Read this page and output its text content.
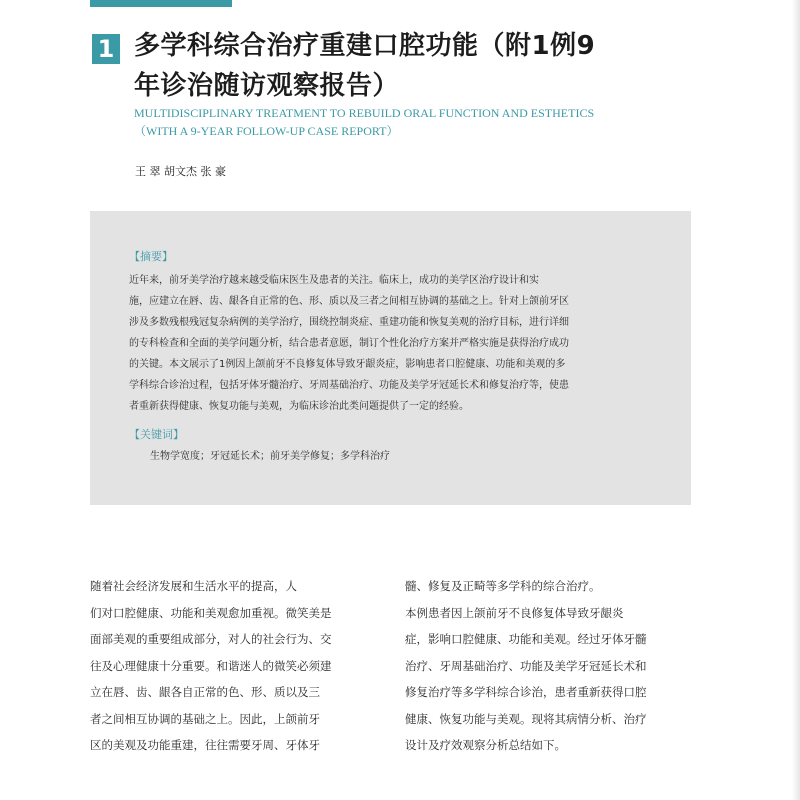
1 多学科综合治疗重建口腔功能（附1例9
年诊治随访观察报告）
MULTIDISCIPLINARY TREATMENT TO REBUILD ORAL FUNCTION AND ESTHETICS
（WITH A 9-YEAR FOLLOW-UP CASE REPORT）
王 翠 胡文杰 张 豪
【摘要】
近年来，前牙美学治疗越来越受临床医生及患者的关注。临床上，成功的美学区治疗设计和实
施，应建立在唇、齿、龈各自正常的色、形、质以及三者之间相互协调的基础之上。针对上颌前牙区
涉及多数残根残冠复杂病例的美学治疗，围绕控制炎症、重建功能和恢复美观的治疗目标，进行详细
的专科检查和全面的美学问题分析，结合患者意愿，制订个性化治疗方案并严格实施是获得治疗成功
的关键。本文展示了1例因上颌前牙不良修复体导致牙龈炎症，影响患者口腔健康、功能和美观的多
学科综合诊治过程，包括牙体牙髓治疗、牙周基础治疗、功能及美学牙冠延长术和修复治疗等，使患
者重新获得健康、恢复功能与美观，为临床诊治此类问题提供了一定的经验。
【关键词】
生物学宽度；牙冠延长术；前牙美学修复；多学科治疗
随着社会经济发展和生活水平的提高，人
们对口腔健康、功能和美观愈加重视。微笑美是
面部美观的重要组成部分，对人的社会行为、交
往及心理健康十分重要。和谐迷人的微笑必须建
立在唇、齿、龈各自正常的色、形、质以及三
者之间相互协调的基础之上。因此，上颌前牙
区的美观及功能重建，往往需要牙周、牙体牙
髓、修复及正畸等多学科的综合治疗。
本例患者因上颌前牙不良修复体导致牙龈炎
症，影响口腔健康、功能和美观。经过牙体牙髓
治疗、牙周基础治疗、功能及美学牙冠延长术和
修复治疗等多学科综合诊治，患者重新获得口腔
健康、恢复功能与美观。现将其病情分析、治疗
设计及疗效观察分析总结如下。
